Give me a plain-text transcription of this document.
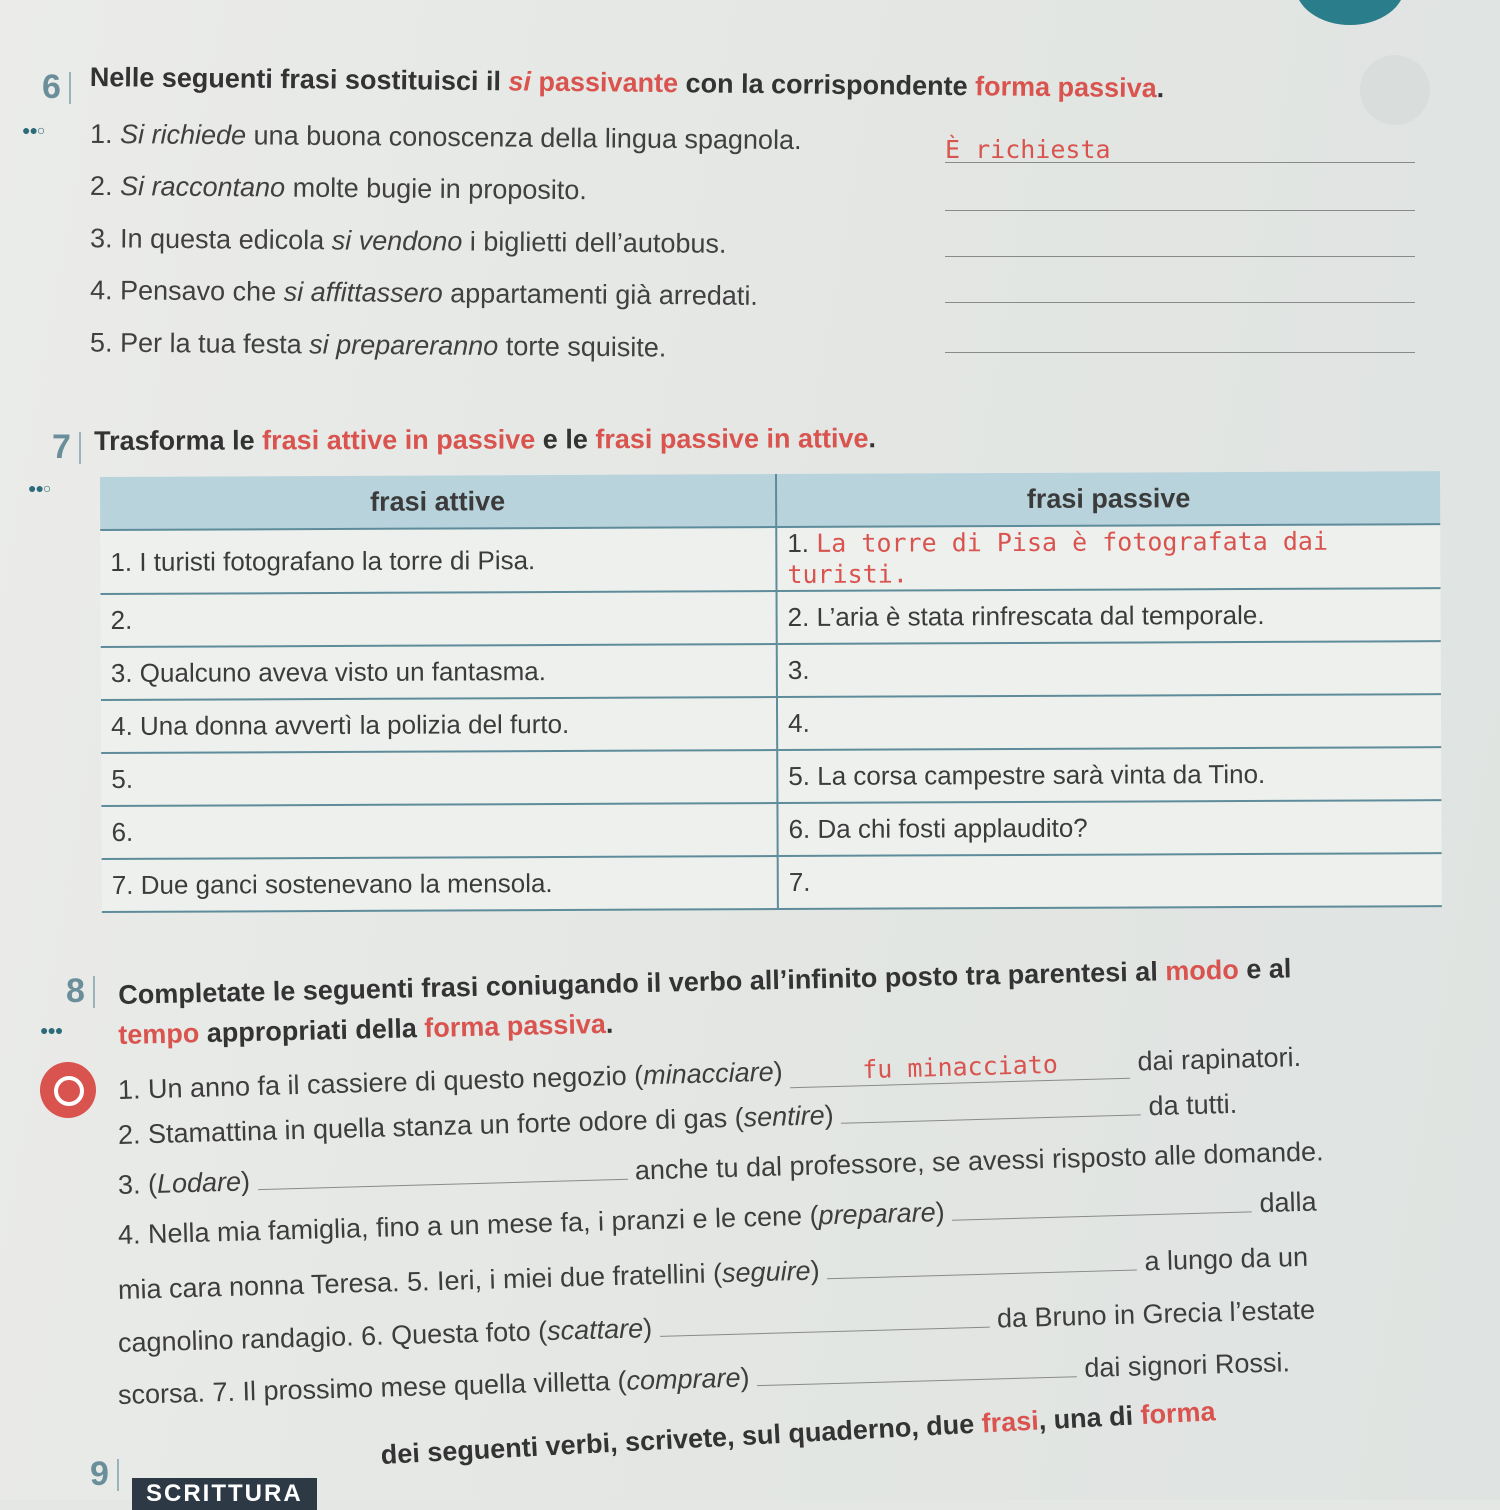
6
●●○
Nelle seguenti frasi sostituisci il si passivante con la corrispondente forma passiva.
1. Si richiede una buona conoscenza della lingua spagnola.	È richiesta
2. Si raccontano molte bugie in proposito.
3. In questa edicola si vendono i biglietti dell’autobus.
4. Pensavo che si affittassero appartamenti già arredati.
5. Per la tua festa si prepareranno torte squisite.
7
●●○
Trasforma le frasi attive in passive e le frasi passive in attive.
frasi attive	frasi passive
1. I turisti fotografano la torre di Pisa.	1. La torre di Pisa è fotografata dai turisti.
2.	2. L’aria è stata rinfrescata dal temporale.
3. Qualcuno aveva visto un fantasma.	3.
4. Una donna avvertì la polizia del furto.	4.
5.	5. La corsa campestre sarà vinta da Tino.
6.	6. Da chi fosti applaudito?
7. Due ganci sostenevano la mensola.	7.
8
●●●
Completate le seguenti frasi coniugando il verbo all’infinito posto tra parentesi al modo e al
tempo appropriati della forma passiva.
1. Un anno fa il cassiere di questo negozio (minacciare)	fu minacciato	dai rapinatori.
2. Stamattina in quella stanza un forte odore di gas (sentire)	da tutti.
3. (Lodare)	anche tu dal professore, se avessi risposto alle domande.
4. Nella mia famiglia, fino a un mese fa, i pranzi e le cene (preparare)	dalla
mia cara nonna Teresa. 5. Ieri, i miei due fratellini (seguire)	a lungo da un
cagnolino randagio. 6. Questa foto (scattare)	da Bruno in Grecia l’estate
scorsa. 7. Il prossimo mese quella villetta (comprare)	dai signori Rossi.
9
SCRITTURA
dei seguenti verbi, scrivete, sul quaderno, due frasi, una di forma
